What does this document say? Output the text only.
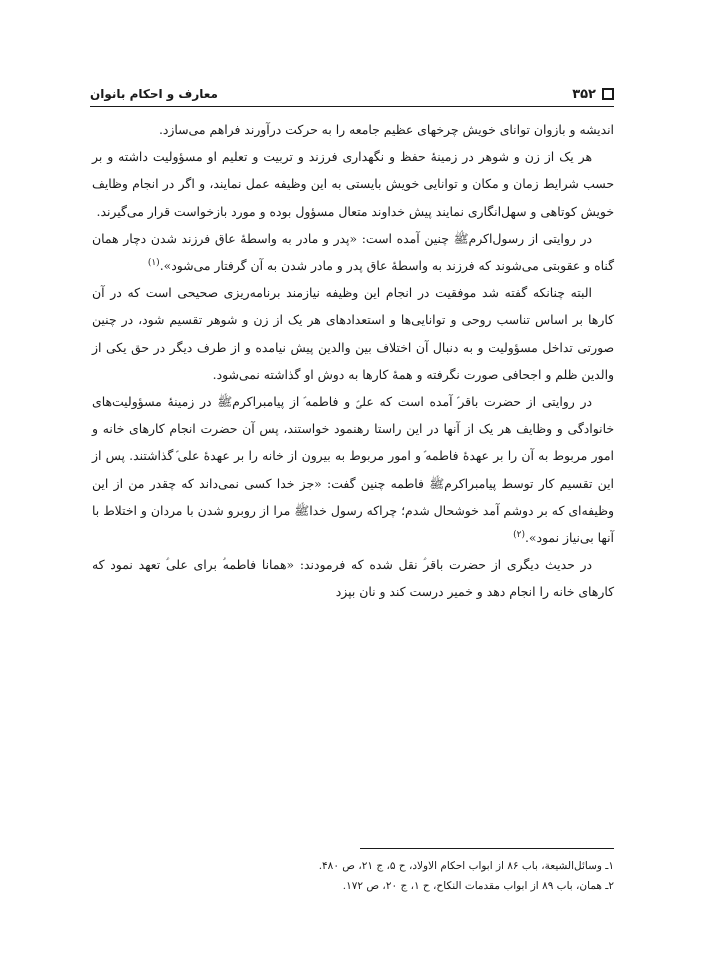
۳۵۲
معارف و احکام بانوان

اندیشه و بازوان توانای خویش چرخهای عظیم جامعه را به حرکت درآورند فراهم می‌سازد.

هر یک از زن و شوهر در زمینهٔ حفظ و نگهداری فرزند و تربیت و تعلیم او مسؤولیت داشته و بر حسب شرایط زمان و مکان و توانایی خویش بایستی به این وظیفه عمل نمایند، و اگر در انجام وظایف خویش کوتاهی و سهل‌انگاری نمایند پیش خداوند متعال مسؤول بوده و مورد بازخواست قرار می‌گیرند.

در روایتی از رسول‌اکرم‌ﷺ چنین آمده است: «پدر و مادر به واسطهٔ عاق فرزند شدن دچار همان گناه و عقوبتی می‌شوند که فرزند به واسطهٔ عاق پدر و مادر شدن به آن گرفتار می‌شود».$^{(۱)}$

البته چنانکه گفته شد موفقیت در انجام این وظیفه نیازمند برنامه‌ریزی صحیحی است که در آن کارها بر اساس تناسب روحی و توانایی‌ها و استعدادهای هر یک از زن و شوهر تقسیم شود، در چنین صورتی تداخل مسؤولیت و به دنبال آن اختلاف بین والدین پیش نیامده و از طرف دیگر در حق یکی از والدین ظلم و اجحافی صورت نگرفته و همهٔ کارها به دوش او گذاشته نمی‌شود.

در روایتی از حضرت باقر‌ؑ آمده است که علیؑ و فاطمه‌ؑ از پیامبراکرم‌ﷺ در زمینهٔ مسؤولیت‌های خانوادگی و وظایف هر یک از آنها در این راستا رهنمود خواستند، پس آن حضرت انجام کارهای خانه و امور مربوط به آن را بر عهدهٔ فاطمه‌ؑ و امور مربوط به بیرون از خانه را بر عهدهٔ علی‌ؑ گذاشتند. پس از این تقسیم کار توسط پیامبراکرم‌ﷺ فاطمه چنین گفت: «جز خدا کسی نمی‌داند که چقدر من از این وظیفه‌ای که بر دوشم آمد خوشحال شدم؛ چراکه رسول خداﷺ مرا از روبرو شدن با مردان و اختلاط با آنها بی‌نیاز نمود».$^{(۲)}$

در حدیث دیگری از حضرت باقر‌ؑ نقل شده که فرمودند: «همانا فاطمه‌ؑ برای علی‌ؑ تعهد نمود که کارهای خانه را انجام دهد و خمیر درست کند و نان بپزد

۱ـ وسائل‌الشیعة، باب ۸۶ از ابواب احکام الاولاد، ح ۵، ج ۲۱، ص ۴۸۰.

۲ـ همان، باب ۸۹ از ابواب مقدمات النکاح، ح ۱، ج ۲۰، ص ۱۷۲.
